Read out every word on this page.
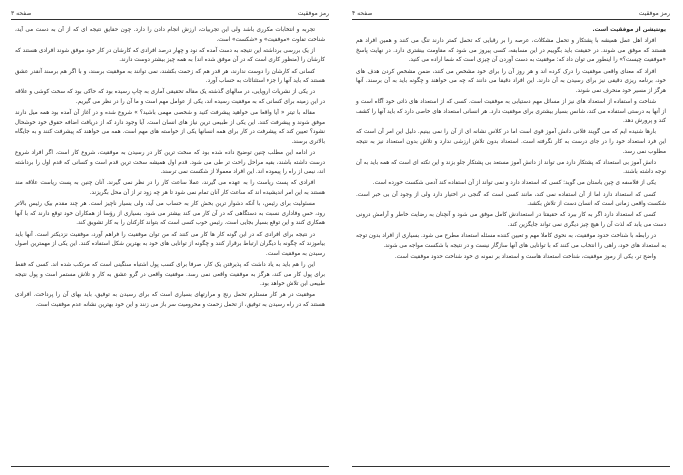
صفحه ۳	رمز موفقیت

تجربه و انتخابات مکرری باشد ولی این تجربیات، ارزش انجام دادن را دارد. چون حقایق نتیجه ای که از آن به دست می آید، شناخت تفاوت «موفقیت» و «شکست» است.

از یک بررسی برداشته این نتیجه به دست آمده که نود و چهار درصد افرادی که کارشان در کار خود موفق شوند افرادی هستند که کارشان را (منظور کاری است که در آن موفق شده اند) به همه چیز بیشتر دوست دارند.

کسانی که کارشان را دوست ندارند، هر قدر هم که زحمت بکشند، نمی توانند به موفقیت برسند، و با اگر هم برسند آنقدر عشق هستند که باید آنها را جزء استثنائات به حساب آورد.

در یکی از نشریات اروپایی، در سالهای گذشته یک مقاله تحقیقی آماری به چاپ رسیده بود که حاکی بود که سخت کوشی و علاقه در این زمینه برای کسانی که به موفقیت رسیده اند، یکی از عوامل مهم است و ما آن را در نظر می گیریم.

مقاله با تیتر « آیا واقعا می خواهید پیشرفت کنید و شخصی مهمی باشید؟ » شروع شده و در آغاز آن آمده بود همه میل دارند موفق شوند و پیشرفت کنند. این یکی از طبیعی ترین نیاز های انسان است. آیا وجود دارد که از دریافت اضافه حقوق خود خوشحال نشود؟ تعیین کند که پیشرفت در کار برای همه انسانها یکی از خواسته های مهم است. همه می خواهند که پیشرفت کنند و به جایگاه بالاتری برسند.

در ادامه این مطلب چنین توضیح داده شده بود که سخت ترین کار در رسیدن به موفقیت، شروع کار است. اگر افراد شروع درست داشته باشند، بقیه مراحل راحت تر طی می شود. قدم اول همیشه سخت ترین قدم است و کسانی که قدم اول را برداشته اند، نیمی از راه را پیموده اند. این افراد معمولا از شکست نمی ترسند.

افرادی که پست ریاست را به عهده می گیرند، عملا ساعت کار را در نظر نمی گیرند. آنان چنین به پست ریاست علاقه مند هستند به این امر اندیشیده اند که ساعت کار آنان تمام نمی شود تا هر چه زود تر از آن محل بگریزند.

مسئولیت برای رئیس، با آنکه دشوار ترین بخش کار به حساب می آید، ولی بسیار ناچیز است. هر چند مقدم بیک رئیس بالاتر رود، حس وفاداری نسبت به دستگاهی که در آن کار می کند بیشتر می شود. بسیاری از رؤسا از همکاران خود توقع دارند که با آنها همکاری کنند و این توقع بسیار بجایی است. رئیس خوب کسی است که بتواند کارکنان را به کار تشویق کند.

در نتیجه برای افرادی که در این گونه کار ها کار می کنند که من توان موفقیت را فراهم آورد، موفقیت نزدیکتر است. آنها باید بیاموزند که چگونه با دیگران ارتباط برقرار کنند و چگونه از توانایی های خود به بهترین شکل استفاده کنند. این یکی از مهمترین اصول رسیدن به موفقیت است.

این را هم باید به یاد داشت که پذیرفتن یک کار، صرفا برای کسب پول اشتباه سنگینی است که مرتکب شده اند. کسی که فقط برای پول کار می کند، هرگز به موفقیت واقعی نمی رسد. موفقیت واقعی در گرو عشق به کار و تلاش مستمر است و پول نتیجه طبیعی این تلاش خواهد بود.

موفقیت در هر کار مستلزم تحمل رنج و مرارتهای بسیاری است که برای رسیدن به توفیق، باید بهای آن را پرداخت. افرادی هستند که در راه رسیدن به توفیق، از تحمل زحمت و محرومیت سر باز می زنند و این خود بهترین نشانه عدم موفقیت است.

صفحه ۴	رمز موفقیت

یونتیشن از موفقیت است.

افراد اهل عمل همیشه با پشتکار و تحمل مشکلات، عرصه را بر رقبایی که تحمل کمتر دارند تنگ می کنند و همین افراد هم هستند که موفق می شوند. در حقیقت باید بگوییم در این مسابقه، کسی پیروز می شود که مقاومت بیشتری دارد. در نهایت پاسخ «موفقیت چیست؟» را اینطور می توان داد که: موفقیت به دست آوردن آن چیزی است که شما اراده می کنید.

افراد که معنای واقعی موفقیت را درک کرده اند و هر روز آن را برای خود مشخص می کنند، ضمن مشخص کردن هدف های خود، برنامه ریزی دقیقی نیز برای رسیدن به آن دارند. این افراد دقیقا می دانند که چه می خواهند و چگونه باید به آن برسند. آنها هرگز از مسیر خود منحرف نمی شوند.

شناخت و استفاده از استعداد های نیز از مسائل مهم دستیابی به موفقیت است. کسی که از استعداد های ذاتی خود آگاه است و از آنها به درستی استفاده می کند، شانس بسیار بیشتری برای موفقیت دارد. هر انسانی استعداد های خاصی دارد که باید آنها را کشف کند و پرورش دهد.

بارها شنیده ایم که می گویند فلانی دانش آموز قوی است اما در کلاس نشانه ای از آن را نمی بینیم. دلیل این امر آن است که این فرد استعداد خود را در جای درست به کار نگرفته است. استعداد بدون تلاش ارزشی ندارد و تلاش بدون استعداد نیز به نتیجه مطلوب نمی رسد.

دانش آموز بی استعداد که پشتکار دارد می تواند از دانش آموز مستعد بی پشتکار جلو بزند و این نکته ای است که همه باید به آن توجه داشته باشند.

یکی از فلاسفه ی چین باستان می گوید: کسی که استعداد دارد و نمی تواند از آن استفاده کند آدمی شکست خورده است.

کسی که استعداد دارد اما از آن استفاده نمی کند، مانند کسی است که گنجی در اختیار دارد ولی از وجود آن بی خبر است. شکست واقعی زمانی است که انسان دست از تلاش بکشد.

کسی که استعداد دارد اگر به کار ببرد که حقیقتا در استعدادش کامل موفق می شود و آنچنان به رضایت خاطر و آرامش درونی دست می یابد که لذت آن را هیچ چیز دیگری نمی تواند جایگزین کند.

در رابطه با شناخت حدود موفقیت، به نحوی کاملا مهم و تعیین کننده مسئله استعداد مطرح می شود. بسیاری از افراد بدون توجه به استعداد های خود، راهی را انتخاب می کنند که با توانایی های آنها سازگار نیست و در نتیجه با شکست مواجه می شوند.

واضح تر، یکی از رموز موفقیت، شناخت استعداد هاست و استعداد بر نمونه ی خود شناخت حدود موفقیت است.
